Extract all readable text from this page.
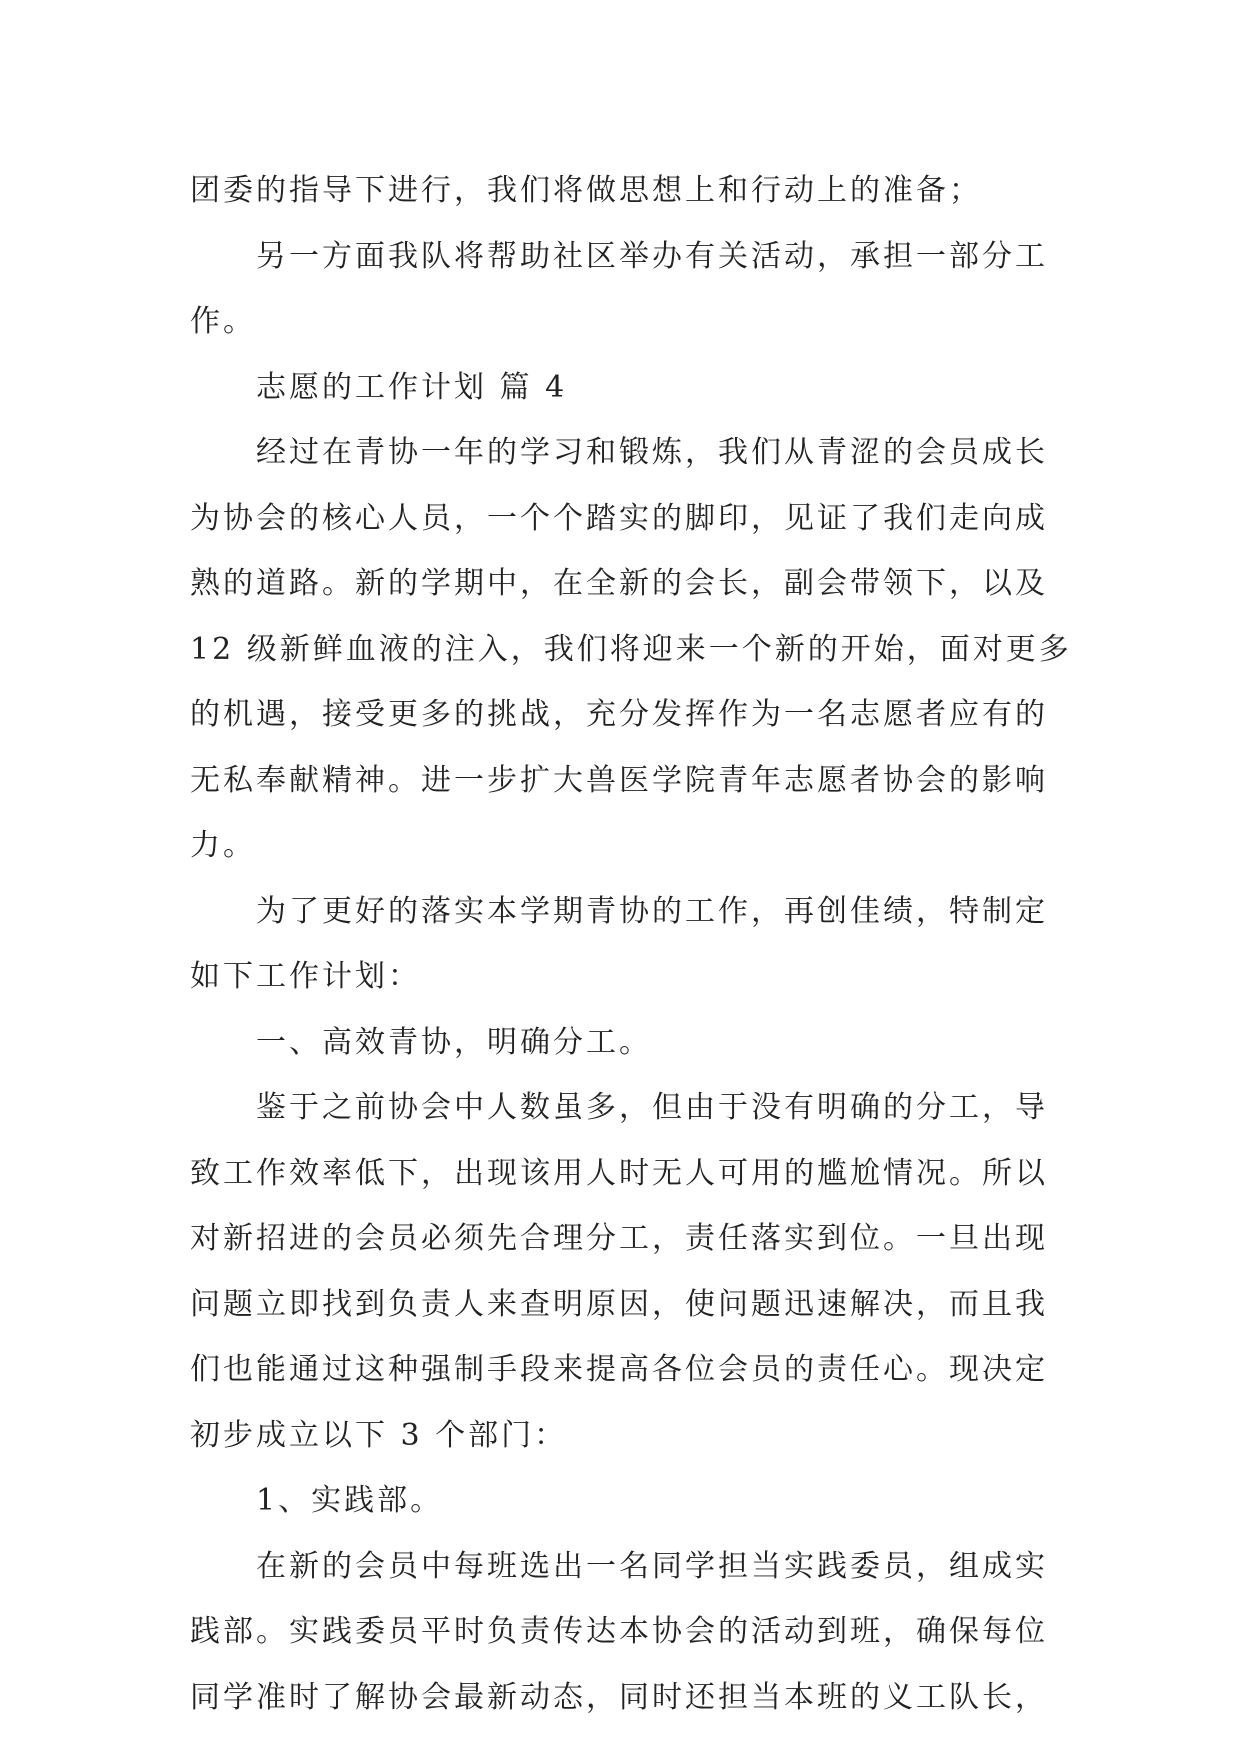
团委的指导下进行，我们将做思想上和行动上的准备；
另一方面我队将帮助社区举办有关活动，承担一部分工
作。
志愿的工作计划 篇 4
经过在青协一年的学习和锻炼，我们从青涩的会员成长
为协会的核心人员，一个个踏实的脚印，见证了我们走向成
熟的道路。新的学期中，在全新的会长，副会带领下，以及
12 级新鲜血液的注入，我们将迎来一个新的开始，面对更多
的机遇，接受更多的挑战，充分发挥作为一名志愿者应有的
无私奉献精神。进一步扩大兽医学院青年志愿者协会的影响
力。
为了更好的落实本学期青协的工作，再创佳绩，特制定
如下工作计划：
一、高效青协，明确分工。
鉴于之前协会中人数虽多，但由于没有明确的分工，导
致工作效率低下，出现该用人时无人可用的尴尬情况。所以
对新招进的会员必须先合理分工，责任落实到位。一旦出现
问题立即找到负责人来查明原因，使问题迅速解决，而且我
们也能通过这种强制手段来提高各位会员的责任心。现决定
初步成立以下 3 个部门：
1、实践部。
在新的会员中每班选出一名同学担当实践委员，组成实
践部。实践委员平时负责传达本协会的活动到班，确保每位
同学准时了解协会最新动态，同时还担当本班的义工队长，
